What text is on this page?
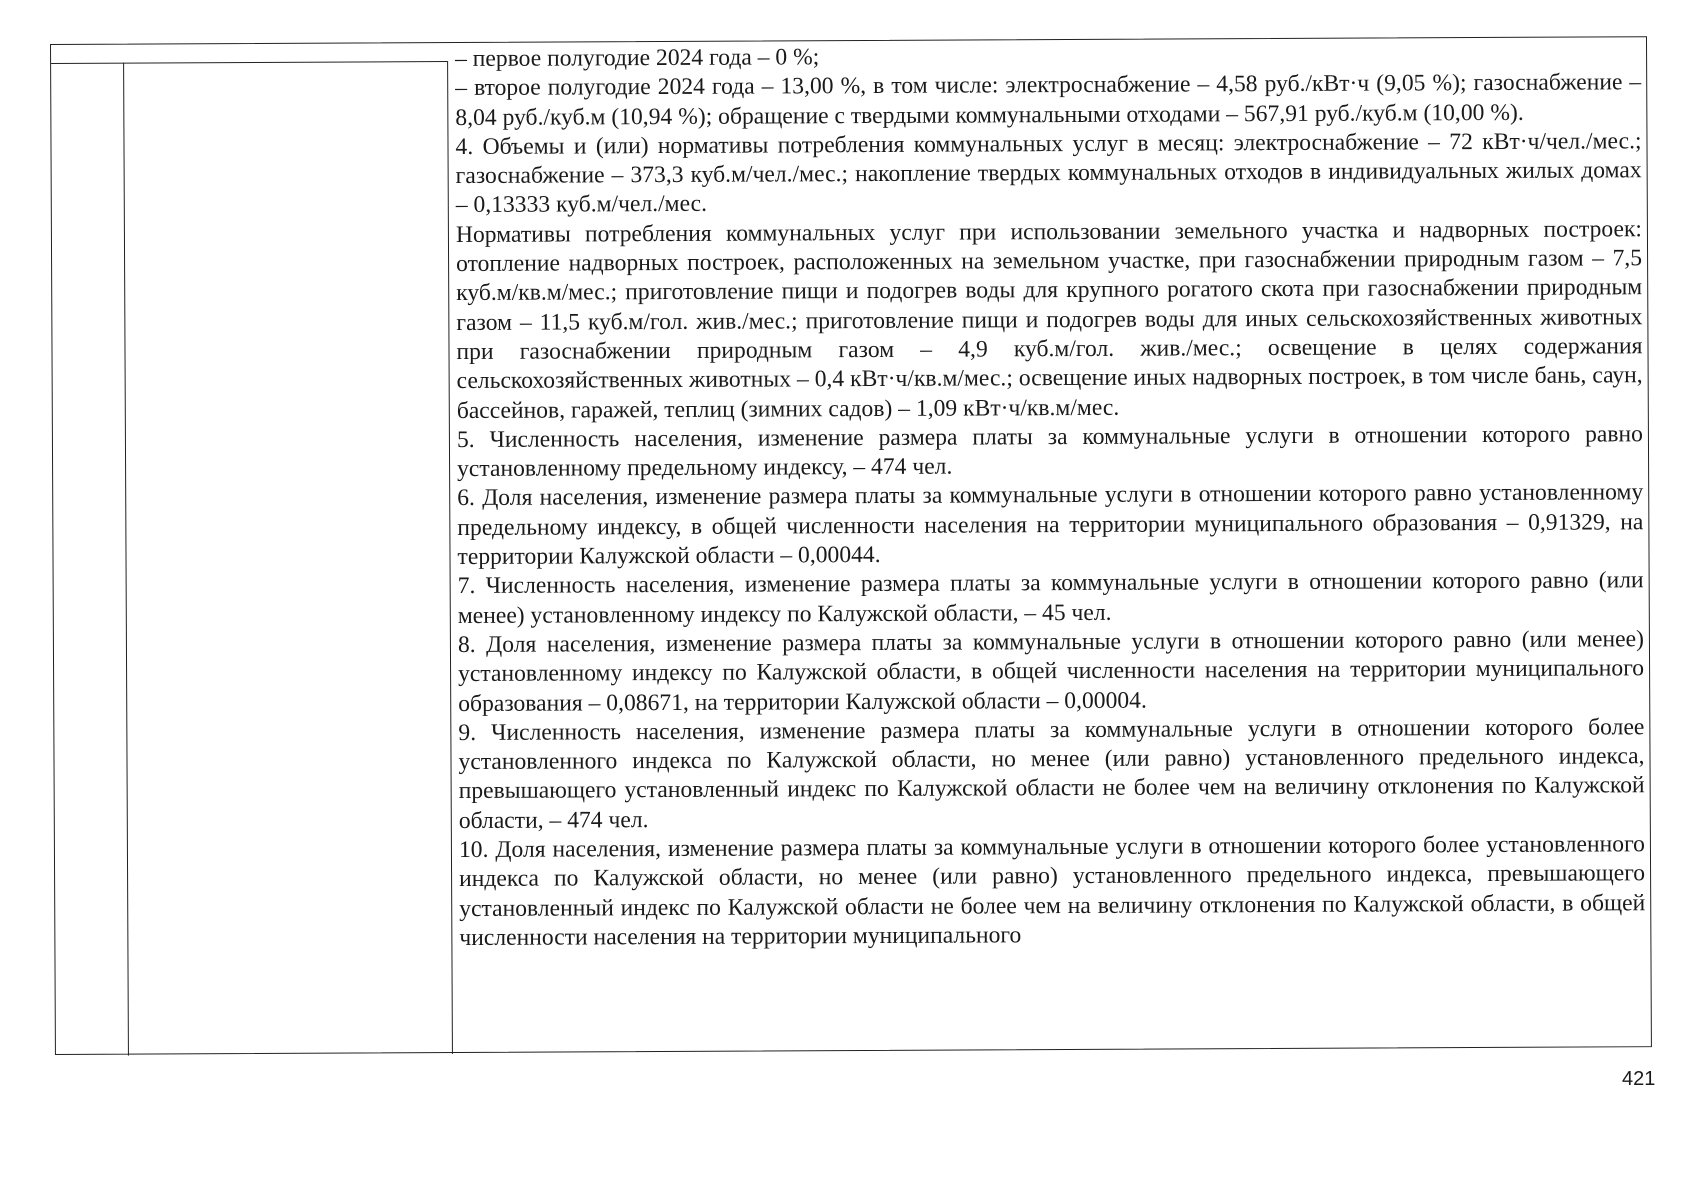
– первое полугодие 2024 года – 0 %;

– второе полугодие 2024 года – 13,00 %, в том числе: электроснабжение – 4,58 руб./кВт·ч (9,05 %); газоснабжение – 8,04 руб./куб.м (10,94 %); обращение с твердыми коммунальными отходами – 567,91 руб./куб.м (10,00 %).

4. Объемы и (или) нормативы потребления коммунальных услуг в месяц: электроснабжение – 72 кВт·ч/чел./мес.; газоснабжение – 373,3 куб.м/чел./мес.; накопление твердых коммунальных отходов в индивидуальных жилых домах – 0,13333 куб.м/чел./мес.

Нормативы потребления коммунальных услуг при использовании земельного участка и надворных построек: отопление надворных построек, расположенных на земельном участке, при газоснабжении природным газом – 7,5 куб.м/кв.м/мес.; приготовление пищи и подогрев воды для крупного рогатого скота при газоснабжении природным газом – 11,5 куб.м/гол. жив./мес.; приготовление пищи и подогрев воды для иных сельскохозяйственных животных при газоснабжении природным газом – 4,9 куб.м/гол. жив./мес.; освещение в целях содержания сельскохозяйственных животных – 0,4 кВт·ч/кв.м/мес.; освещение иных надворных построек, в том числе бань, саун, бассейнов, гаражей, теплиц (зимних садов) – 1,09 кВт·ч/кв.м/мес.

5. Численность населения, изменение размера платы за коммунальные услуги в отношении которого равно установленному предельному индексу, – 474 чел.

6. Доля населения, изменение размера платы за коммунальные услуги в отношении которого равно установленному предельному индексу, в общей численности населения на территории муниципального образования – 0,91329, на территории Калужской области – 0,00044.

7. Численность населения, изменение размера платы за коммунальные услуги в отношении которого равно (или менее) установленному индексу по Калужской области, – 45 чел.

8. Доля населения, изменение размера платы за коммунальные услуги в отношении которого равно (или менее) установленному индексу по Калужской области, в общей численности населения на территории муниципального образования – 0,08671, на территории Калужской области – 0,00004.

9. Численность населения, изменение размера платы за коммунальные услуги в отношении которого более установленного индекса по Калужской области, но менее (или равно) установленного предельного индекса, превышающего установленный индекс по Калужской области не более чем на величину отклонения по Калужской области, – 474 чел.

10. Доля населения, изменение размера платы за коммунальные услуги в отношении которого более установленного индекса по Калужской области, но менее (или равно) установленного предельного индекса, превышающего установленный индекс по Калужской области не более чем на величину отклонения по Калужской области, в общей численности населения на территории муниципального

421
